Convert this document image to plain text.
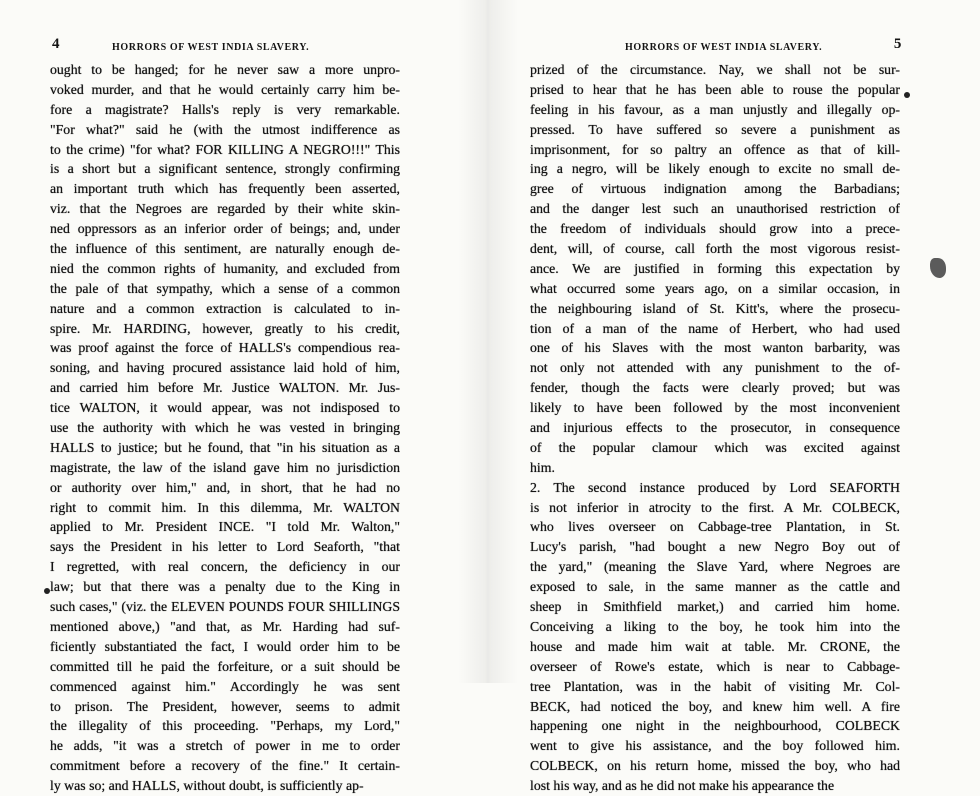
4	HORRORS OF WEST INDIA SLAVERY.
ought to be hanged; for he never saw a more unpro-
voked murder, and that he would certainly carry him be-
fore a magistrate? Halls's reply is very remarkable.
"For what?" said he (with the utmost indifference as
to the crime) "for what? FOR KILLING A NEGRO!!!" This
is a short but a significant sentence, strongly confirming
an important truth which has frequently been asserted,
viz. that the Negroes are regarded by their white skin-
ned oppressors as an inferior order of beings; and, under
the influence of this sentiment, are naturally enough de-
nied the common rights of humanity, and excluded from
the pale of that sympathy, which a sense of a common
nature and a common extraction is calculated to in-
spire. Mr. HARDING, however, greatly to his credit,
was proof against the force of HALLS's compendious rea-
soning, and having procured assistance laid hold of him,
and carried him before Mr. Justice WALTON. Mr. Jus-
tice WALTON, it would appear, was not indisposed to
use the authority with which he was vested in bringing
HALLS to justice; but he found, that "in his situation as a
magistrate, the law of the island gave him no jurisdiction
or authority over him," and, in short, that he had no
right to commit him. In this dilemma, Mr. WALTON
applied to Mr. President INCE. "I told Mr. Walton,"
says the President in his letter to Lord Seaforth, "that
I regretted, with real concern, the deficiency in our
law; but that there was a penalty due to the King in
such cases," (viz. the ELEVEN POUNDS FOUR SHILLINGS
mentioned above,) "and that, as Mr. Harding had suf-
ficiently substantiated the fact, I would order him to be
committed till he paid the forfeiture, or a suit should be
commenced against him." Accordingly he was sent
to prison. The President, however, seems to admit
the illegality of this proceeding. "Perhaps, my Lord,"
he adds, "it was a stretch of power in me to order
commitment before a recovery of the fine." It certain-
ly was so; and HALLS, without doubt, is sufficiently ap-
HORRORS OF WEST INDIA SLAVERY.	5
prized of the circumstance. Nay, we shall not be sur-
prised to hear that he has been able to rouse the popular
feeling in his favour, as a man unjustly and illegally op-
pressed. To have suffered so severe a punishment as
imprisonment, for so paltry an offence as that of kill-
ing a negro, will be likely enough to excite no small de-
gree of virtuous indignation among the Barbadians;
and the danger lest such an unauthorised restriction of
the freedom of individuals should grow into a prece-
dent, will, of course, call forth the most vigorous resist-
ance. We are justified in forming this expectation by
what occurred some years ago, on a similar occasion, in
the neighbouring island of St. Kitt's, where the prosecu-
tion of a man of the name of Herbert, who had used
one of his Slaves with the most wanton barbarity, was
not only not attended with any punishment to the of-
fender, though the facts were clearly proved; but was
likely to have been followed by the most inconvenient
and injurious effects to the prosecutor, in consequence
of the popular clamour which was excited against
him.
2. The second instance produced by Lord SEAFORTH
is not inferior in atrocity to the first. A Mr. COLBECK,
who lives overseer on Cabbage-tree Plantation, in St.
Lucy's parish, "had bought a new Negro Boy out of
the yard," (meaning the Slave Yard, where Negroes are
exposed to sale, in the same manner as the cattle and
sheep in Smithfield market,) and carried him home.
Conceiving a liking to the boy, he took him into the
house and made him wait at table. Mr. CRONE, the
overseer of Rowe's estate, which is near to Cabbage-
tree Plantation, was in the habit of visiting Mr. Col-
BECK, had noticed the boy, and knew him well. A fire
happening one night in the neighbourhood, COLBECK
went to give his assistance, and the boy followed him.
COLBECK, on his return home, missed the boy, who had
lost his way, and as he did not make his appearance the
